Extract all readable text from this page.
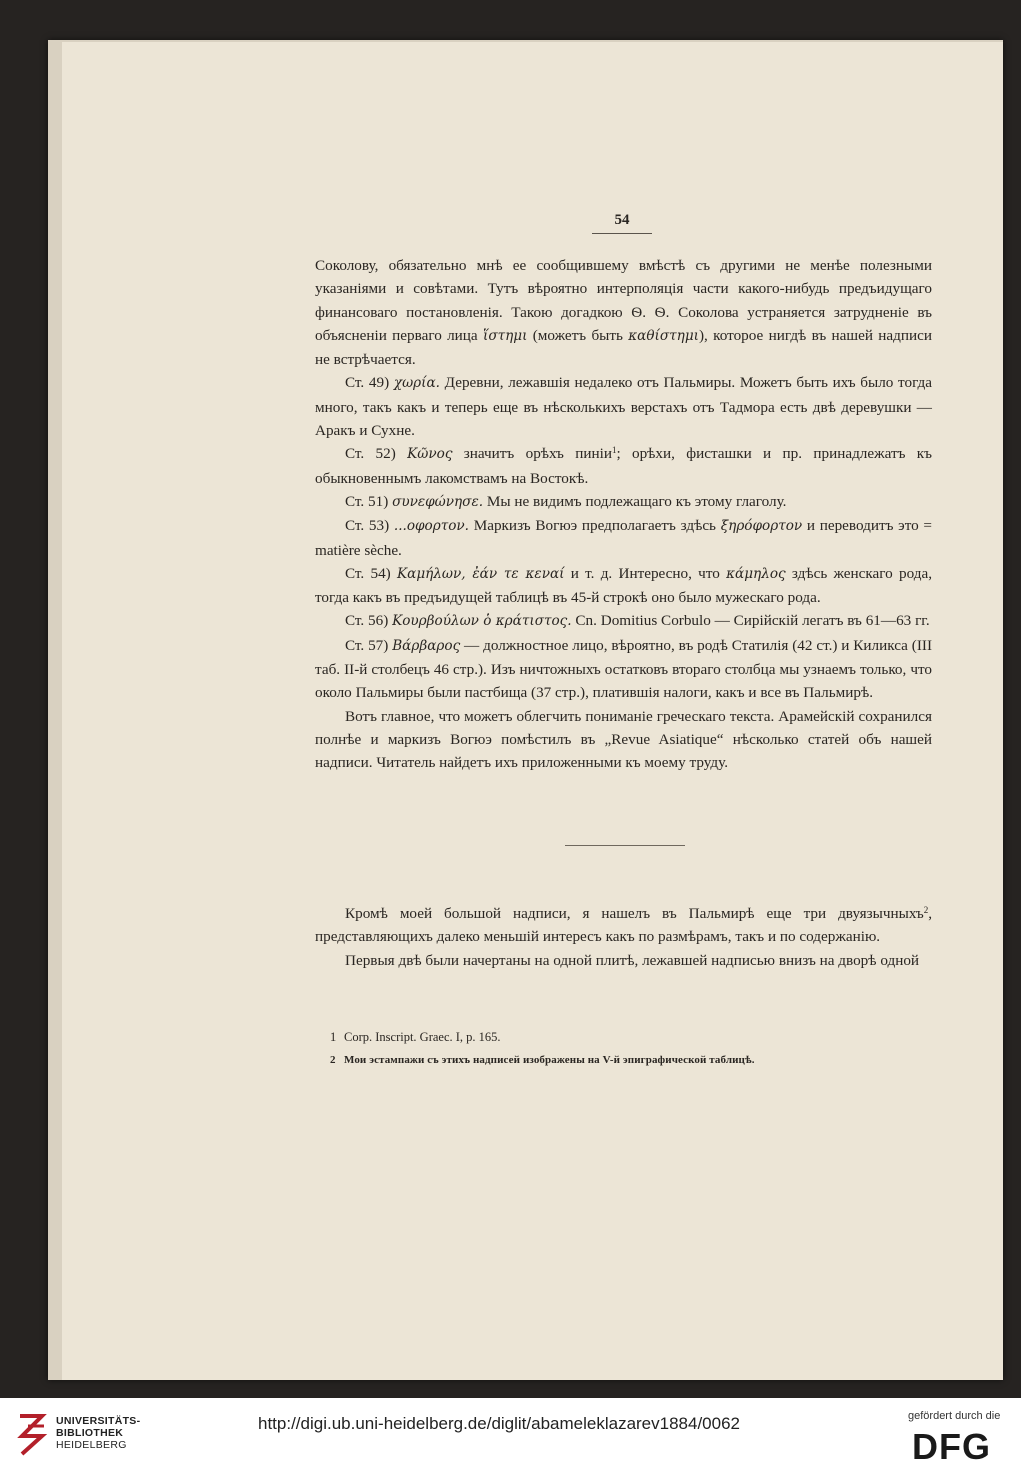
54

Соколову, обязательно мнѣ ее сообщившему вмѣстѣ съ другими не менѣе полезными указаніями и совѣтами. Тутъ вѣроятно интерполяція части какого-нибудь предъидущаго финансоваго постановленія. Такою догадкою Ѳ. Ѳ. Соколова устраняется затрудненіе въ объясненіи перваго лица ἵστημι (можетъ быть καθίστημι), которое нигдѣ въ нашей надписи не встрѣчается.

Ст. 49) χωρία. Деревни, лежавшія недалеко отъ Пальмиры. Можетъ быть ихъ было тогда много, такъ какъ и теперь еще въ нѣсколькихъ верстахъ отъ Тадмора есть двѣ деревушки — Аракъ и Сухне.

Ст. 52) Κῶνος значитъ орѣхъ пиніи$^1$; орѣхи, фисташки и пр. принадлежатъ къ обыкновеннымъ лакомствамъ на Востокѣ.

Ст. 51) συνεφώνησε. Мы не видимъ подлежащаго къ этому глаголу.

Ст. 53) ...οφορτον. Маркизъ Вогюэ предполагаетъ здѣсь ξηρόφορτον и переводитъ это = matière sèche.

Ст. 54) Καμήλων, ἐάν τε κεναί и т. д. Интересно, что κάμηλος здѣсь женскаго рода, тогда какъ въ предъидущей таблицѣ въ 45-й строкѣ оно было мужескаго рода.

Ст. 56) Κουρβούλων ὁ κράτιστος. Cn. Domitius Corbulo — Сирійскій легатъ въ 61—63 гг.

Ст. 57) Βάρβαρος — должностное лицо, вѣроятно, въ родѣ Статилія (42 ст.) и Киликса (III таб. II-й столбецъ 46 стр.). Изъ ничтожныхъ остатковъ втораго столбца мы узнаемъ только, что около Пальмиры были пастбища (37 стр.), платившія налоги, какъ и все въ Пальмирѣ.

Вотъ главное, что можетъ облегчить пониманіе греческаго текста. Арамейскій сохранился полнѣе и маркизъ Вогюэ помѣстилъ въ „Revue Asiatique“ нѣсколько статей объ нашей надписи. Читатель найдетъ ихъ приложенными къ моему труду.

Кромѣ моей большой надписи, я нашелъ въ Пальмирѣ еще три двуязычныхъ$^2$, представляющихъ далеко меньшій интересъ какъ по размѣрамъ, такъ и по содержанію.

Первыя двѣ были начертаны на одной плитѣ, лежавшей надписью внизъ на дворѣ одной

1 Corp. Inscript. Graec. I, p. 165.
2 Мои эстампажи съ этихъ надписей изображены на V-й эпиграфической таблицѣ.
UNIVERSITÄTS-
BIBLIOTHEK
HEIDELBERG
http://digi.ub.uni-heidelberg.de/diglit/abameleklazarev1884/0062	gefördert durch die
DFG
